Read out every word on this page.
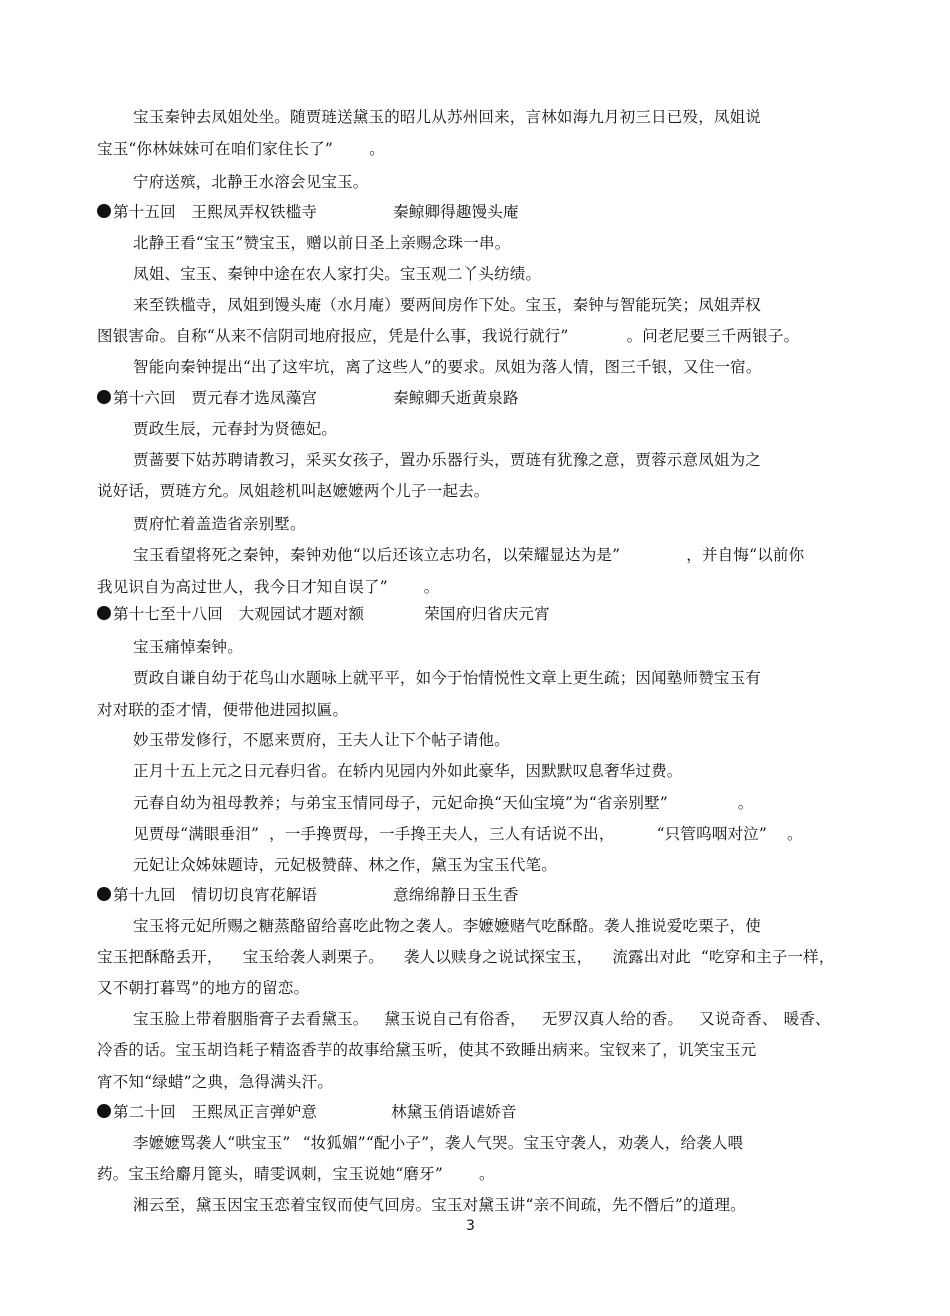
宝玉秦钟去凤姐处坐。随贾琏送黛玉的昭儿从苏州回来，言林如海九月初三日已殁，凤姐说
宝玉“你林妹妹可在咱们家住长了” 。
宁府送殡，北静王水溶会见宝玉。
第十五回　王熙凤弄权铁槛寺	秦鲸卿得趣馒头庵
北静王看“宝玉”赞宝玉，赠以前日圣上亲赐念珠一串。
凤姐、宝玉、秦钟中途在农人家打尖。宝玉观二丫头纺绩。
来至铁槛寺，凤姐到馒头庵（水月庵）要两间房作下处。宝玉，秦钟与智能玩笑；凤姐弄权
图银害命。自称“从来不信阴司地府报应，凭是什么事，我说行就行”	。问老尼要三千两银子。
智能向秦钟提出“出了这牢坑，离了这些人”的要求。凤姐为落人情，图三千银，又住一宿。
第十六回　贾元春才选凤藻宫	秦鲸卿夭逝黄泉路
贾政生辰，元春封为贤德妃。
贾蔷要下姑苏聘请教习，采买女孩子，置办乐器行头，贾琏有犹豫之意，贾蓉示意凤姐为之
说好话，贾琏方允。凤姐趁机叫赵嬷嬷两个儿子一起去。
贾府忙着盖造省亲别墅。
宝玉看望将死之秦钟，秦钟劝他“以后还该立志功名，以荣耀显达为是”	，并自悔“以前你
我见识自为高过世人，我今日才知自误了” 。
第十七至十八回　大观园试才题对额	荣国府归省庆元宵
宝玉痛悼秦钟。
贾政自谦自幼于花鸟山水题咏上就平平，如今于怡情悦性文章上更生疏；因闻塾师赞宝玉有
对对联的歪才情，便带他进园拟匾。
妙玉带发修行，不愿来贾府，王夫人让下个帖子请他。
正月十五上元之日元春归省。在轿内见园内外如此豪华，因默默叹息奢华过费。
元春自幼为祖母教养；与弟宝玉情同母子，元妃命换“天仙宝境”为“省亲别墅”	。
见贾母“满眼垂泪” ，一手搀贾母，一手搀王夫人，三人有话说不出，	“只管呜咽对泣” 。
元妃让众姊妹题诗，元妃极赞薛、林之作，黛玉为宝玉代笔。
第十九回　情切切良宵花解语	意绵绵静日玉生香
宝玉将元妃所赐之糖蒸酪留给喜吃此物之袭人。李嬷嬷赌气吃酥酪。袭人推说爱吃栗子，使
宝玉把酥酪丢开， 宝玉给袭人剥栗子。 袭人以赎身之说试探宝玉， 流露出对此 “吃穿和主子一样，
又不朝打暮骂”的地方的留恋。
宝玉脸上带着胭脂膏子去看黛玉。 黛玉说自己有俗香， 无罗汉真人给的香。 又说奇香、 暖香、
冷香的话。宝玉胡诌耗子精盗香芋的故事给黛玉听，使其不致睡出病来。宝钗来了，讥笑宝玉元
宵不知“绿蜡”之典，急得满头汗。
第二十回　王熙凤正言弹妒意	林黛玉俏语谑娇音
李嬷嬷骂袭人“哄宝玉” “妆狐媚”“配小子”，袭人气哭。宝玉守袭人，劝袭人，给袭人喂
药。宝玉给麝月篦头，晴雯讽刺，宝玉说她“磨牙” 。
湘云至，黛玉因宝玉恋着宝钗而使气回房。宝玉对黛玉讲“亲不间疏，先不僭后”的道理。
3
